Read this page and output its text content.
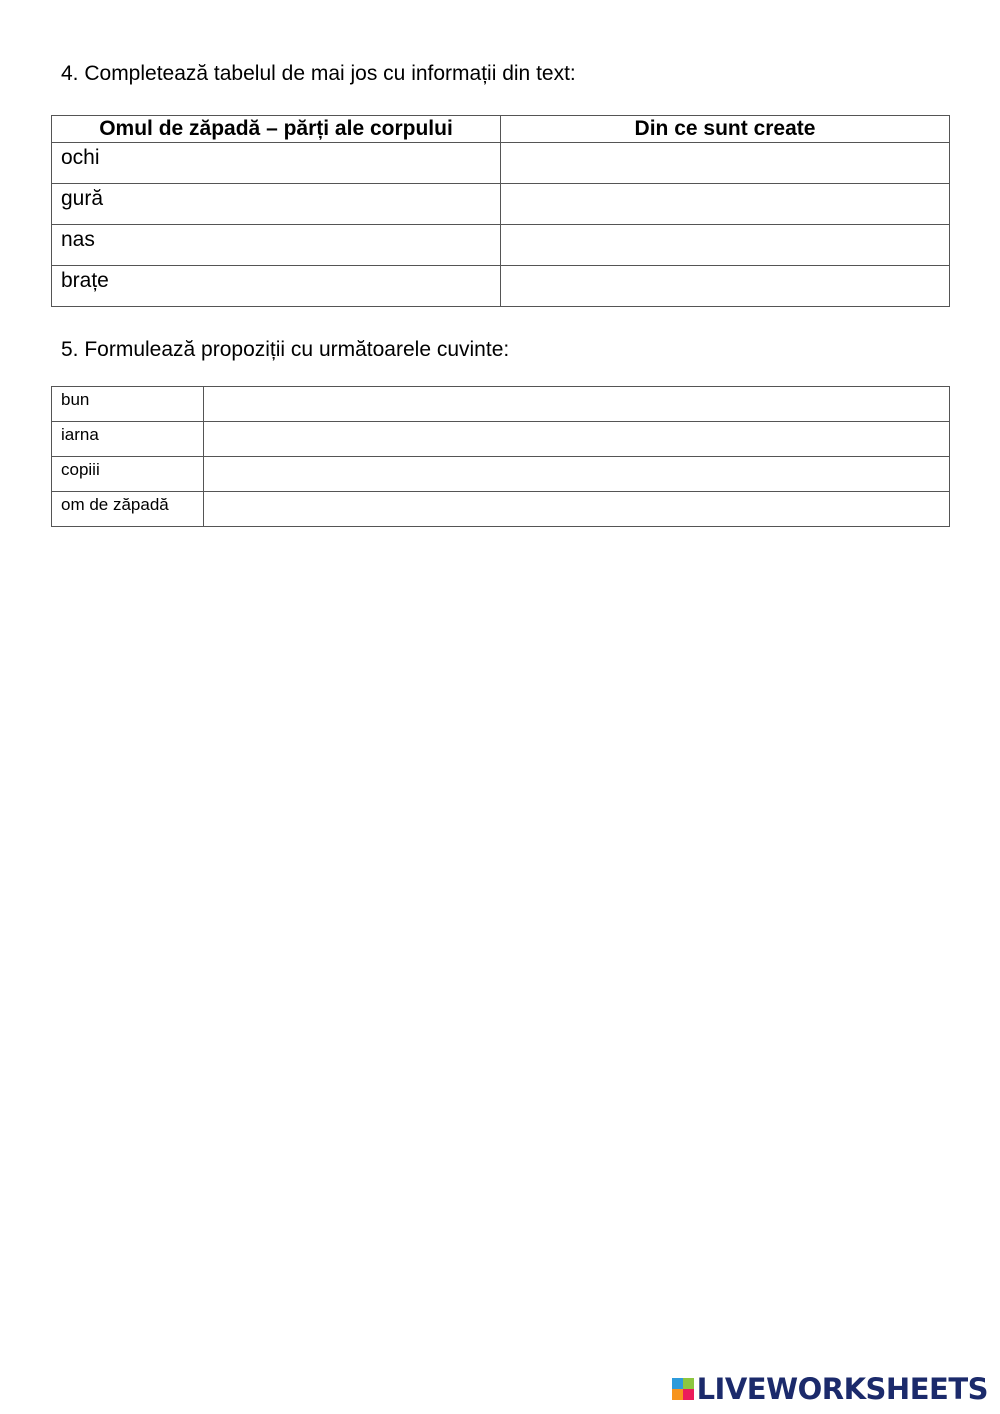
4. Completează tabelul de mai jos cu informații din text:
Omul de zăpadă – părți ale corpului	Din ce sunt create

ochi	

gură	

nas	

brațe	

5. Formulează propoziții cu următoarele cuvinte:
bun	

iarna	

copiii	

om de zăpadă	

LIVEWORKSHEETS
